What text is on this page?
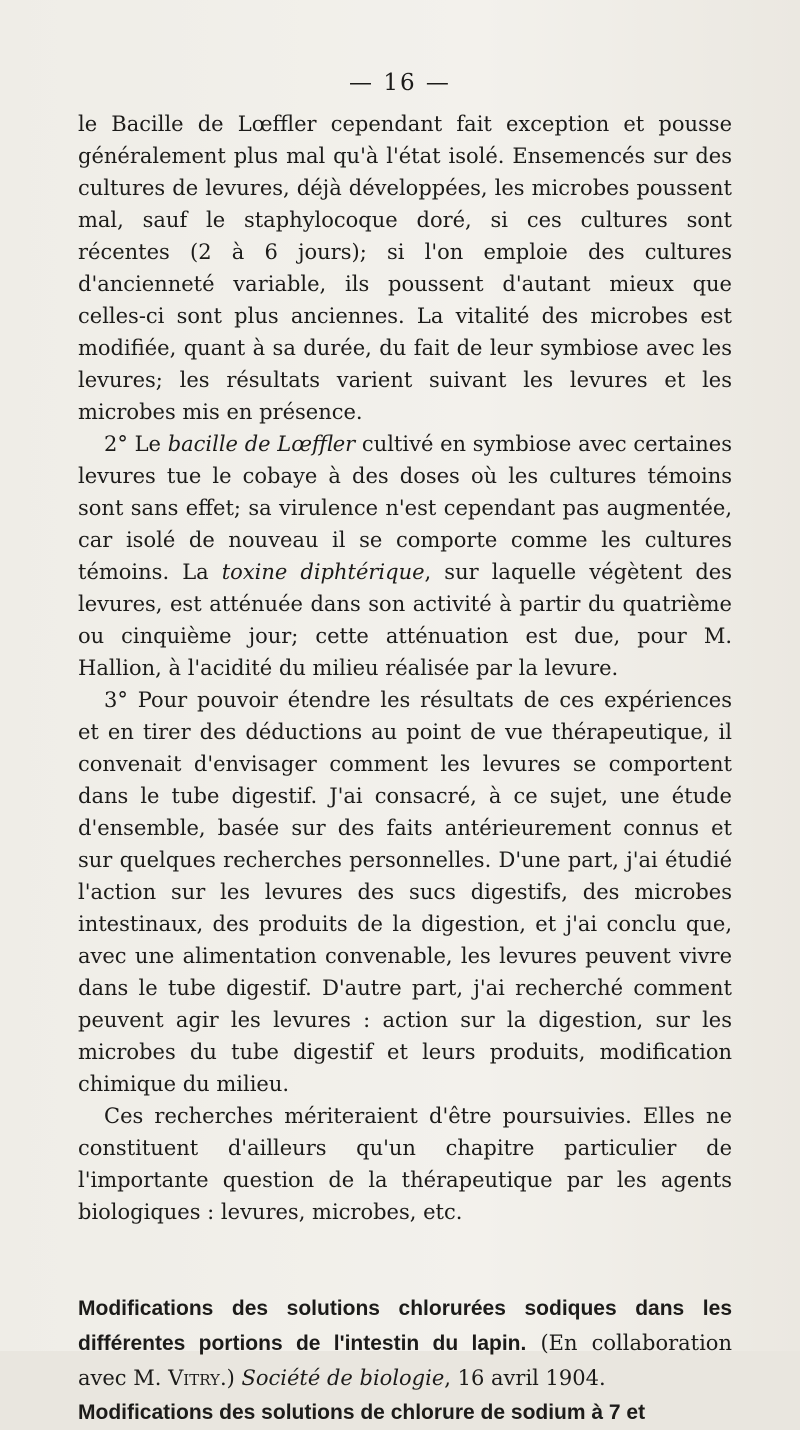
— 16 —

le Bacille de Lœffler cependant fait exception et pousse généralement plus mal qu'à l'état isolé. Ensemencés sur des cultures de levures, déjà développées, les microbes poussent mal, sauf le staphylocoque doré, si ces cultures sont récentes (2 à 6 jours); si l'on emploie des cultures d'ancienneté variable, ils poussent d'autant mieux que celles-ci sont plus anciennes. La vitalité des microbes est modifiée, quant à sa durée, du fait de leur symbiose avec les levures; les résultats varient suivant les levures et les microbes mis en présence.

2° Le bacille de Lœffler cultivé en symbiose avec certaines levures tue le cobaye à des doses où les cultures témoins sont sans effet; sa virulence n'est cependant pas augmentée, car isolé de nouveau il se comporte comme les cultures témoins. La toxine diphtérique, sur laquelle végètent des levures, est atténuée dans son activité à partir du quatrième ou cinquième jour; cette atténuation est due, pour M. Hallion, à l'acidité du milieu réalisée par la levure.

3° Pour pouvoir étendre les résultats de ces expériences et en tirer des déductions au point de vue thérapeutique, il convenait d'envisager comment les levures se comportent dans le tube digestif. J'ai consacré, à ce sujet, une étude d'ensemble, basée sur des faits antérieurement connus et sur quelques recherches personnelles. D'une part, j'ai étudié l'action sur les levures des sucs digestifs, des microbes intestinaux, des produits de la digestion, et j'ai conclu que, avec une alimentation convenable, les levures peuvent vivre dans le tube digestif. D'autre part, j'ai recherché comment peuvent agir les levures : action sur la digestion, sur les microbes du tube digestif et leurs produits, modification chimique du milieu.

Ces recherches mériteraient d'être poursuivies. Elles ne constituent d'ailleurs qu'un chapitre particulier de l'importante question de la thérapeutique par les agents biologiques : levures, microbes, etc.

Modifications des solutions chlorurées sodiques dans les différentes portions de l'intestin du lapin. (En collaboration avec M. Vitry.) Société de biologie, 16 avril 1904.
Modifications des solutions de chlorure de sodium à 7 et
